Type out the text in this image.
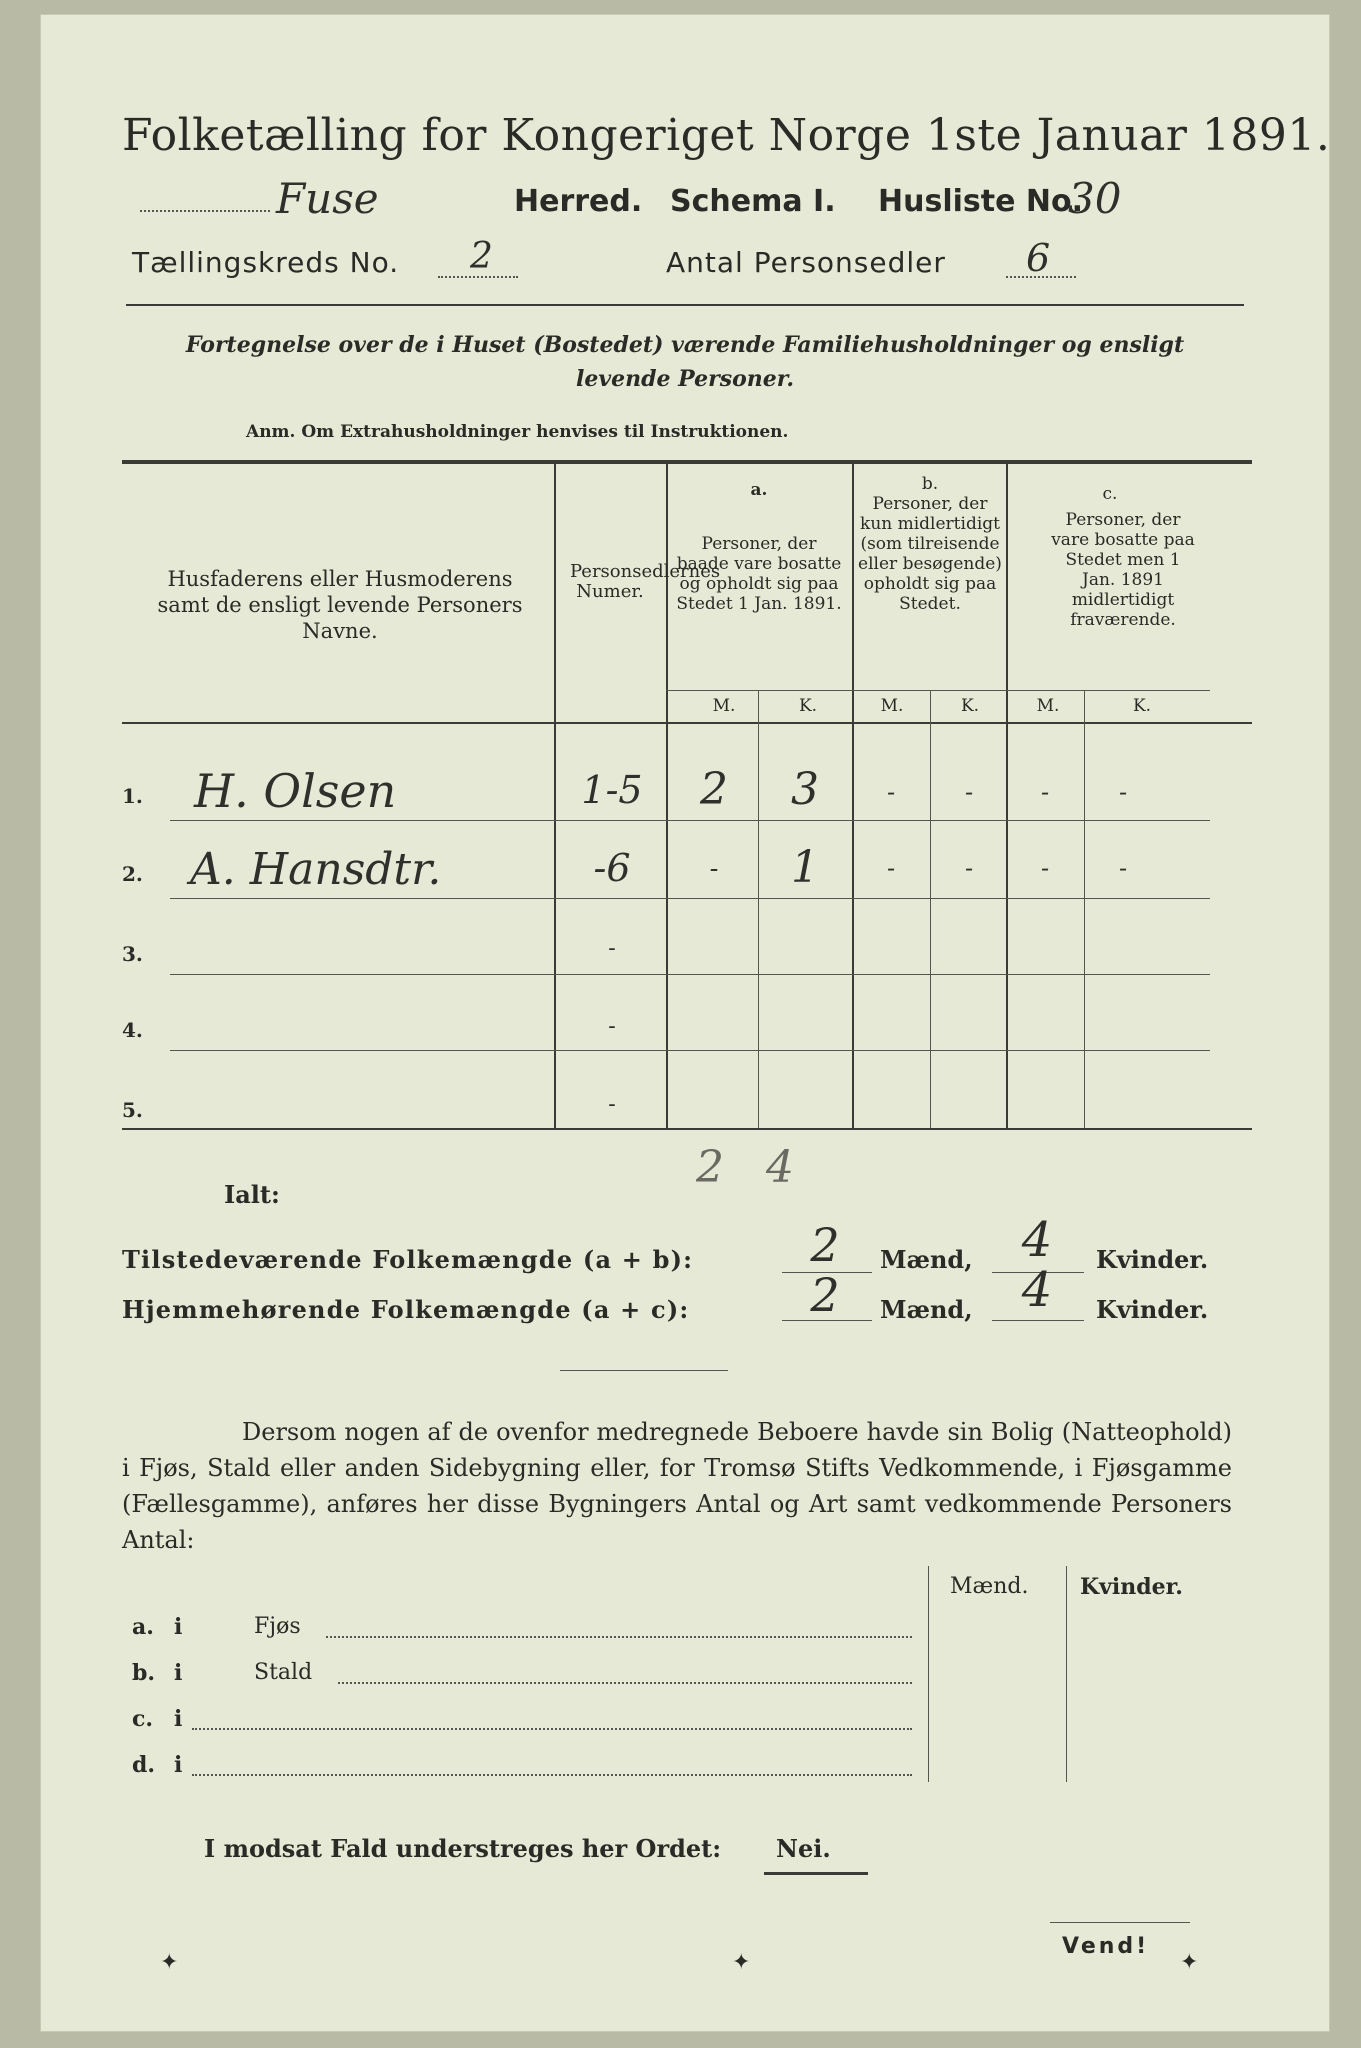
Folketælling for Kongeriget Norge 1ste Januar 1891.
Fuse	Herred. Schema I. Husliste No.
30
Tællingskreds No. 2	Antal Personsedler 6
Fortegnelse over de i Huset (Bostedet) værende Familiehusholdninger og ensligt
levende Personer.
Anm. Om Extrahusholdninger henvises til Instruktionen.
Husfaderens eller Husmoderens samt de ensligt levende Personers Navne.
Personsedlernes Numer.
a.
Personer, der baade vare bosatte og opholdt sig paa Stedet 1 Jan. 1891.
b.
Personer, der kun midlertidigt (som tilreisende eller besøgende) opholdt sig paa Stedet.
c.
Personer, der vare bosatte paa Stedet men 1 Jan. 1891 midlertidigt fraværende.
M.	K.	M.	K.	M.	K.
1. H. Olsen	1-5	2	3	-	-	-	-
2. A. Hansdtr.	-6	-	1	-	-	-	-
3.	-
4.	-
5.	-
Ialt:
2 4
Tilstedeværende Folkemængde (a + b):	2	Mænd,	4	Kvinder.
Hjemmehørende Folkemængde (a + c):	2	Mænd,	4	Kvinder.
Dersom nogen af de ovenfor medregnede Beboere havde sin Bolig (Natteophold) i Fjøs, Stald eller anden Sidebygning eller, for Tromsø Stifts Vedkommende, i Fjøsgamme (Fællesgamme), anføres her disse Bygningers Antal og Art samt vedkommende Personers Antal:
Mænd. Kvinder.
a. i	Fjøs
b. i	Stald
c. i
d. i
I modsat Fald understreges her Ordet: Nei.
Vend!
✦	✦	✦
